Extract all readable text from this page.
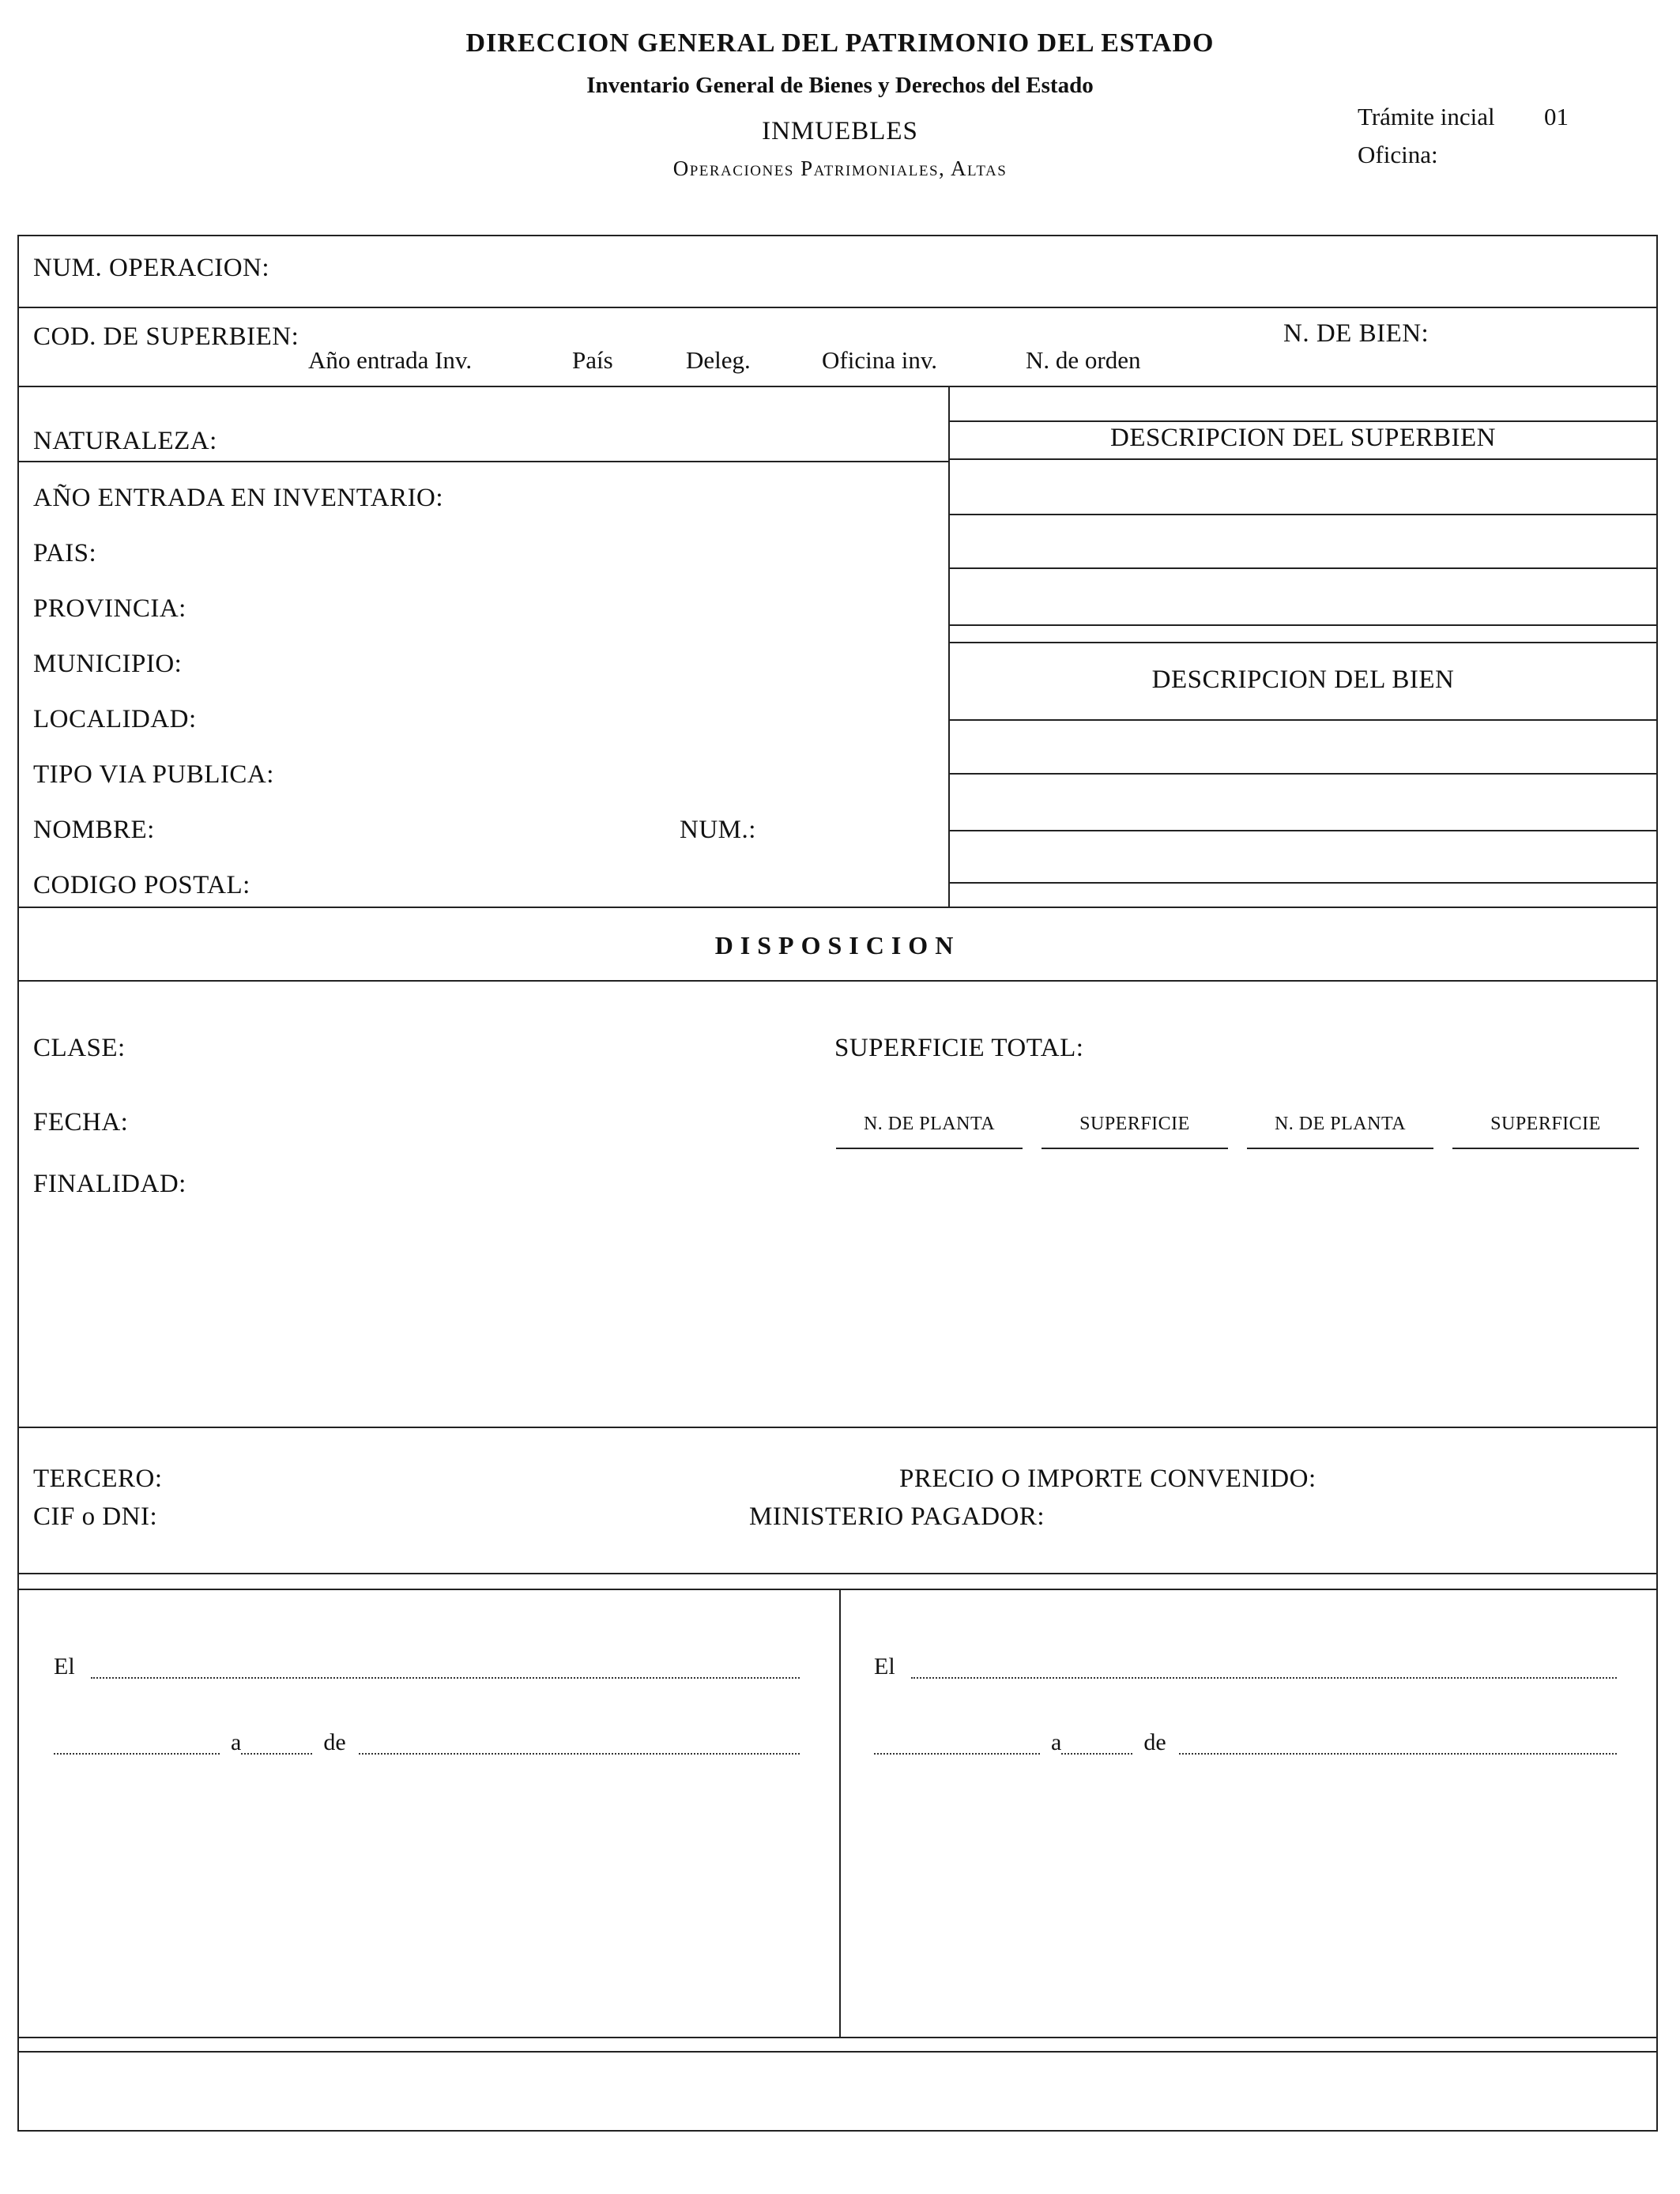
DIRECCION GENERAL DEL PATRIMONIO DEL ESTADO
Inventario General de Bienes y Derechos del Estado
INMUEBLES
Operaciones Patrimoniales, Altas
Trámite incial 01
Oficina:
NUM. OPERACION:
COD. DE SUPERBIEN:
Año entrada Inv.	País	Deleg.	Oficina inv.	N. de orden
N. DE BIEN:
NATURALEZA:
AÑO ENTRADA EN INVENTARIO:
PAIS:
PROVINCIA:
MUNICIPIO:
LOCALIDAD:
TIPO VIA PUBLICA:
NOMBRE:	NUM.:
CODIGO POSTAL:
DESCRIPCION DEL SUPERBIEN
DESCRIPCION DEL BIEN
DISPOSICION
CLASE:
FECHA:
FINALIDAD:
SUPERFICIE TOTAL:
N. DE PLANTA	SUPERFICIE	N. DE PLANTA	SUPERFICIE
TERCERO:
CIF o DNI:
PRECIO O IMPORTE CONVENIDO:
MINISTERIO PAGADOR:
El
a	de
El
a	de
